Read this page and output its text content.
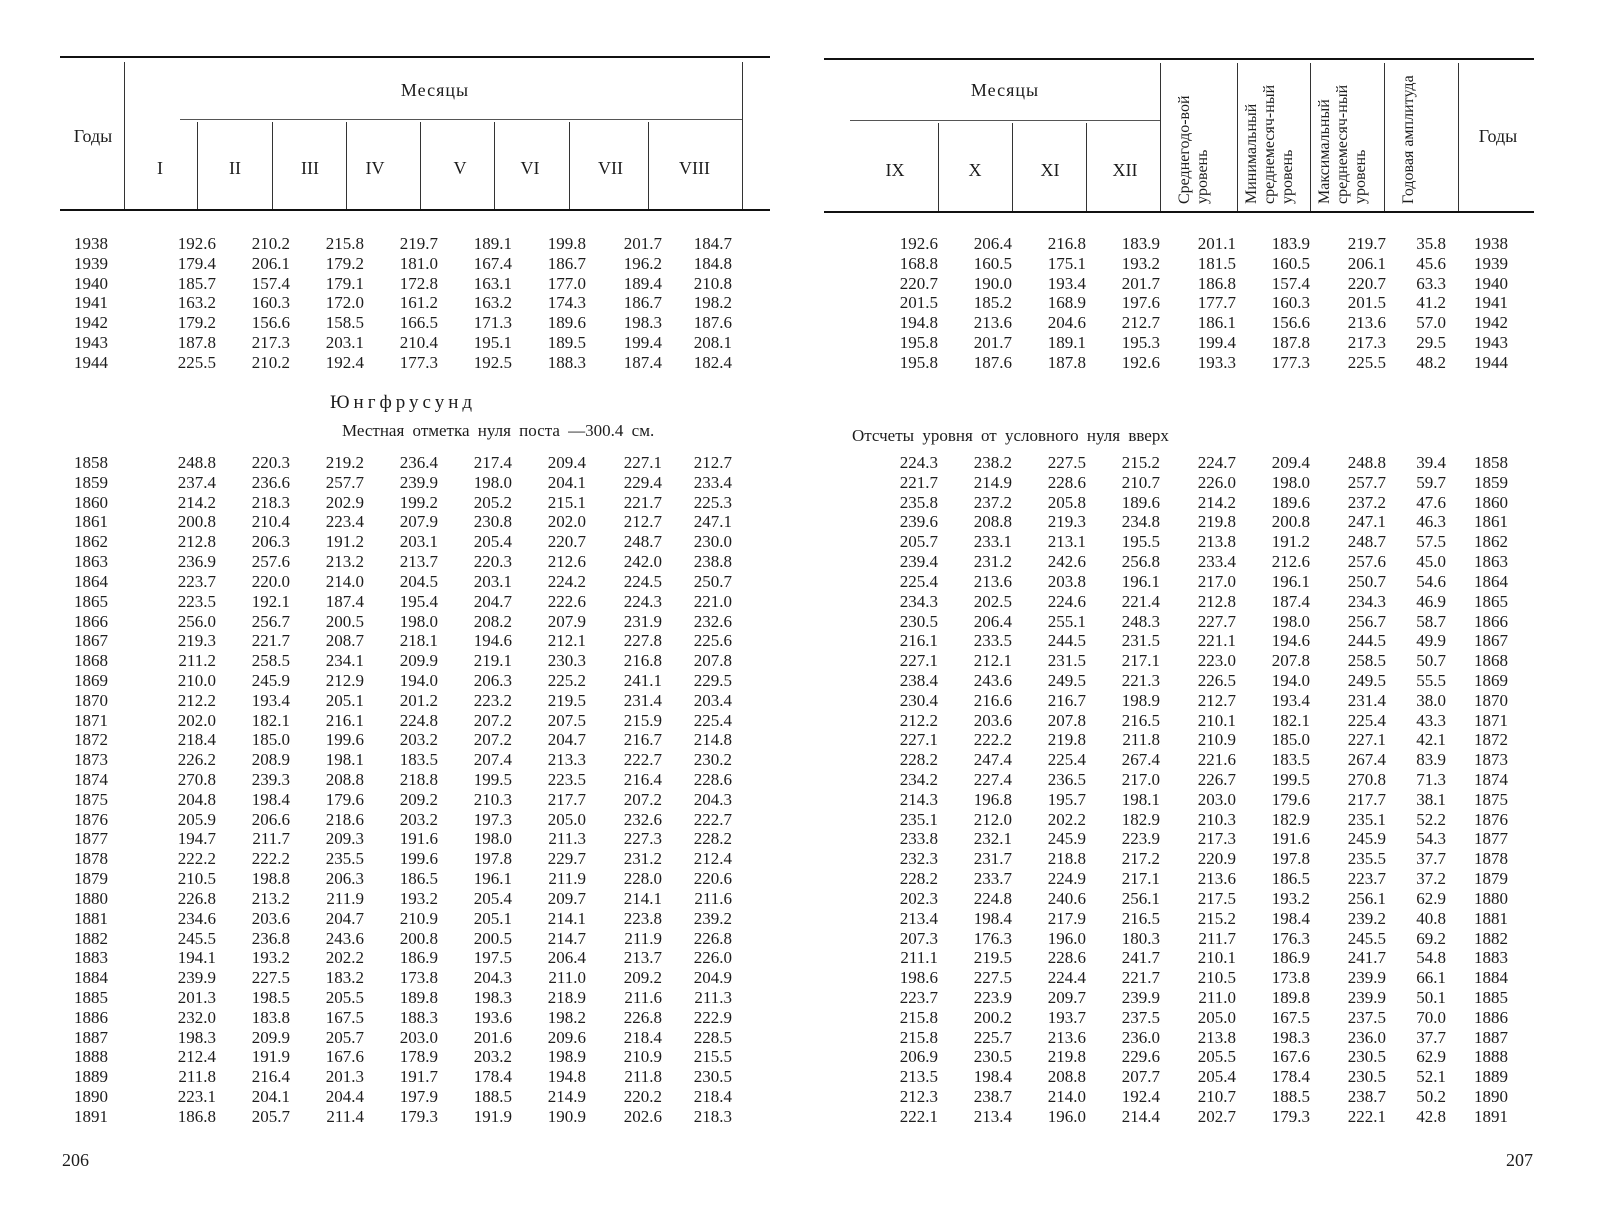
Годы
Месяцы
I	II	III	IV	V	VI	VII	VIII
1938	192.6	210.2	215.8	219.7	189.1	199.8	201.7	184.7
1939	179.4	206.1	179.2	181.0	167.4	186.7	196.2	184.8
1940	185.7	157.4	179.1	172.8	163.1	177.0	189.4	210.8
1941	163.2	160.3	172.0	161.2	163.2	174.3	186.7	198.2
1942	179.2	156.6	158.5	166.5	171.3	189.6	198.3	187.6
1943	187.8	217.3	203.1	210.4	195.1	189.5	199.4	208.1
1944	225.5	210.2	192.4	177.3	192.5	188.3	187.4	182.4
Юнгфрусунд
Местная отметка нуля поста —300.4 см.
1858	248.8	220.3	219.2	236.4	217.4	209.4	227.1	212.7
1859	237.4	236.6	257.7	239.9	198.0	204.1	229.4	233.4
1860	214.2	218.3	202.9	199.2	205.2	215.1	221.7	225.3
1861	200.8	210.4	223.4	207.9	230.8	202.0	212.7	247.1
1862	212.8	206.3	191.2	203.1	205.4	220.7	248.7	230.0
1863	236.9	257.6	213.2	213.7	220.3	212.6	242.0	238.8
1864	223.7	220.0	214.0	204.5	203.1	224.2	224.5	250.7
1865	223.5	192.1	187.4	195.4	204.7	222.6	224.3	221.0
1866	256.0	256.7	200.5	198.0	208.2	207.9	231.9	232.6
1867	219.3	221.7	208.7	218.1	194.6	212.1	227.8	225.6
1868	211.2	258.5	234.1	209.9	219.1	230.3	216.8	207.8
1869	210.0	245.9	212.9	194.0	206.3	225.2	241.1	229.5
1870	212.2	193.4	205.1	201.2	223.2	219.5	231.4	203.4
1871	202.0	182.1	216.1	224.8	207.2	207.5	215.9	225.4
1872	218.4	185.0	199.6	203.2	207.2	204.7	216.7	214.8
1873	226.2	208.9	198.1	183.5	207.4	213.3	222.7	230.2
1874	270.8	239.3	208.8	218.8	199.5	223.5	216.4	228.6
1875	204.8	198.4	179.6	209.2	210.3	217.7	207.2	204.3
1876	205.9	206.6	218.6	203.2	197.3	205.0	232.6	222.7
1877	194.7	211.7	209.3	191.6	198.0	211.3	227.3	228.2
1878	222.2	222.2	235.5	199.6	197.8	229.7	231.2	212.4
1879	210.5	198.8	206.3	186.5	196.1	211.9	228.0	220.6
1880	226.8	213.2	211.9	193.2	205.4	209.7	214.1	211.6
1881	234.6	203.6	204.7	210.9	205.1	214.1	223.8	239.2
1882	245.5	236.8	243.6	200.8	200.5	214.7	211.9	226.8
1883	194.1	193.2	202.2	186.9	197.5	206.4	213.7	226.0
1884	239.9	227.5	183.2	173.8	204.3	211.0	209.2	204.9
1885	201.3	198.5	205.5	189.8	198.3	218.9	211.6	211.3
1886	232.0	183.8	167.5	188.3	193.6	198.2	226.8	222.9
1887	198.3	209.9	205.7	203.0	201.6	209.6	218.4	228.5
1888	212.4	191.9	167.6	178.9	203.2	198.9	210.9	215.5
1889	211.8	216.4	201.3	191.7	178.4	194.8	211.8	230.5
1890	223.1	204.1	204.4	197.9	188.5	214.9	220.2	218.4
1891	186.8	205.7	211.4	179.3	191.9	190.9	202.6	218.3
206
Месяцы
IX	X	XI	XII	Среднегодо-вой уровень	Минимальный среднемесяч-ный уровень	Максимальный среднемесяч-ный уровень	Годовая амплитуда	Годы
192.6	206.4	216.8	183.9	201.1	183.9	219.7	35.8	1938
168.8	160.5	175.1	193.2	181.5	160.5	206.1	45.6	1939
220.7	190.0	193.4	201.7	186.8	157.4	220.7	63.3	1940
201.5	185.2	168.9	197.6	177.7	160.3	201.5	41.2	1941
194.8	213.6	204.6	212.7	186.1	156.6	213.6	57.0	1942
195.8	201.7	189.1	195.3	199.4	187.8	217.3	29.5	1943
195.8	187.6	187.8	192.6	193.3	177.3	225.5	48.2	1944
Отсчеты уровня от условного нуля вверх
224.3	238.2	227.5	215.2	224.7	209.4	248.8	39.4	1858
221.7	214.9	228.6	210.7	226.0	198.0	257.7	59.7	1859
235.8	237.2	205.8	189.6	214.2	189.6	237.2	47.6	1860
239.6	208.8	219.3	234.8	219.8	200.8	247.1	46.3	1861
205.7	233.1	213.1	195.5	213.8	191.2	248.7	57.5	1862
239.4	231.2	242.6	256.8	233.4	212.6	257.6	45.0	1863
225.4	213.6	203.8	196.1	217.0	196.1	250.7	54.6	1864
234.3	202.5	224.6	221.4	212.8	187.4	234.3	46.9	1865
230.5	206.4	255.1	248.3	227.7	198.0	256.7	58.7	1866
216.1	233.5	244.5	231.5	221.1	194.6	244.5	49.9	1867
227.1	212.1	231.5	217.1	223.0	207.8	258.5	50.7	1868
238.4	243.6	249.5	221.3	226.5	194.0	249.5	55.5	1869
230.4	216.6	216.7	198.9	212.7	193.4	231.4	38.0	1870
212.2	203.6	207.8	216.5	210.1	182.1	225.4	43.3	1871
227.1	222.2	219.8	211.8	210.9	185.0	227.1	42.1	1872
228.2	247.4	225.4	267.4	221.6	183.5	267.4	83.9	1873
234.2	227.4	236.5	217.0	226.7	199.5	270.8	71.3	1874
214.3	196.8	195.7	198.1	203.0	179.6	217.7	38.1	1875
235.1	212.0	202.2	182.9	210.3	182.9	235.1	52.2	1876
233.8	232.1	245.9	223.9	217.3	191.6	245.9	54.3	1877
232.3	231.7	218.8	217.2	220.9	197.8	235.5	37.7	1878
228.2	233.7	224.9	217.1	213.6	186.5	223.7	37.2	1879
202.3	224.8	240.6	256.1	217.5	193.2	256.1	62.9	1880
213.4	198.4	217.9	216.5	215.2	198.4	239.2	40.8	1881
207.3	176.3	196.0	180.3	211.7	176.3	245.5	69.2	1882
211.1	219.5	228.6	241.7	210.1	186.9	241.7	54.8	1883
198.6	227.5	224.4	221.7	210.5	173.8	239.9	66.1	1884
223.7	223.9	209.7	239.9	211.0	189.8	239.9	50.1	1885
215.8	200.2	193.7	237.5	205.0	167.5	237.5	70.0	1886
215.8	225.7	213.6	236.0	213.8	198.3	236.0	37.7	1887
206.9	230.5	219.8	229.6	205.5	167.6	230.5	62.9	1888
213.5	198.4	208.8	207.7	205.4	178.4	230.5	52.1	1889
212.3	238.7	214.0	192.4	210.7	188.5	238.7	50.2	1890
222.1	213.4	196.0	214.4	202.7	179.3	222.1	42.8	1891
207
